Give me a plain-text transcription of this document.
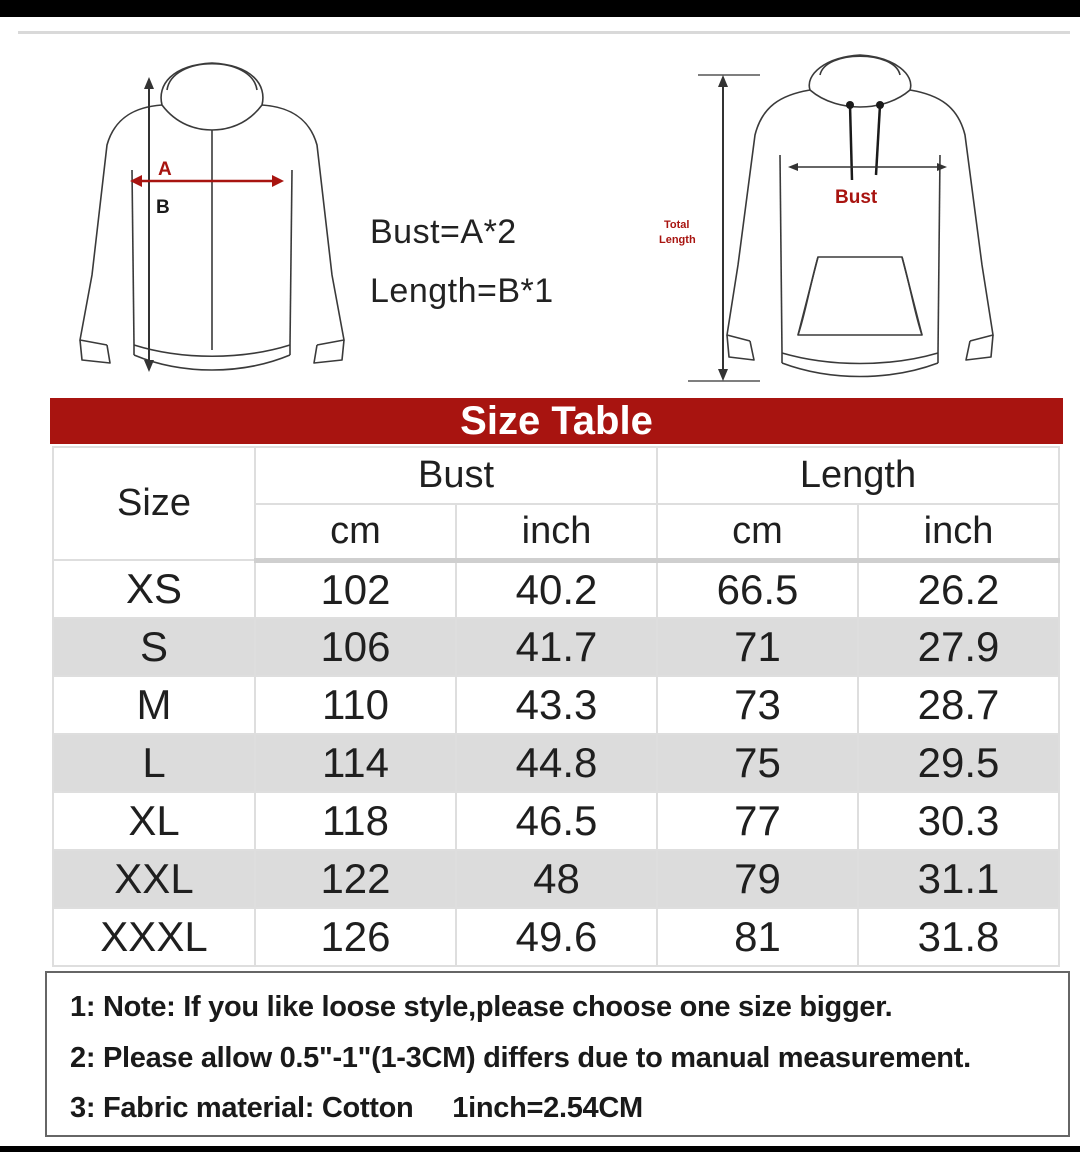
A
B
Bust=A*2
Length=B*1
Bust
Total
Length
Size Table
Size	Bust		Length	
	cm	inch	cm	inch
XS	102	40.2	66.5	26.2
S	106	41.7	71	27.9
M	110	43.3	73	28.7
L	114	44.8	75	29.5
XL	118	46.5	77	30.3
XXL	122	48	79	31.1
XXXL	126	49.6	81	31.8
1: Note: If you like loose style,please choose one size bigger.
2: Please allow 0.5"-1"(1-3CM) differs due to manual measurement.
3: Fabric material: Cotton     1inch=2.54CM
